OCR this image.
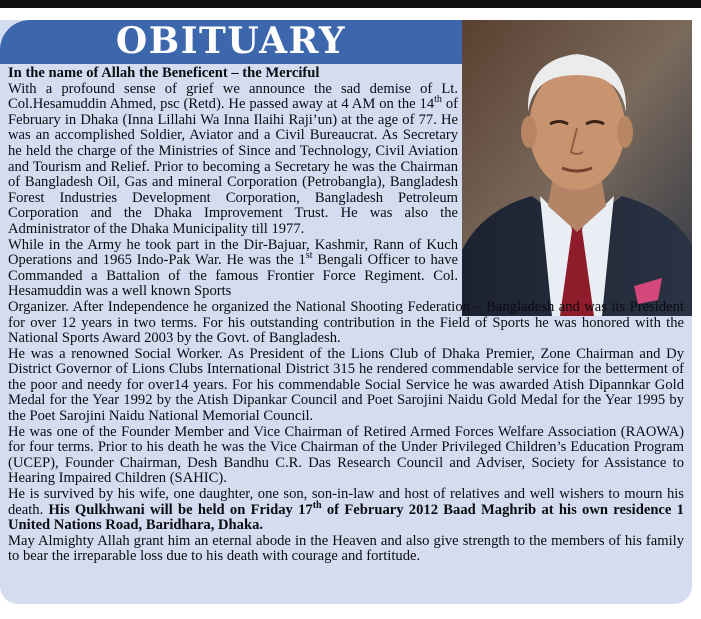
OBITUARY

In the name of Allah the Beneficent – the Merciful

With a profound sense of grief we announce the sad demise of Lt. Col.Hesamuddin Ahmed, psc (Retd). He passed away at 4 AM on the 14th of February in Dhaka (Inna Lillahi Wa Inna Ilaihi Raji’un) at the age of 77. He was an accomplished Soldier, Aviator and a Civil Bureaucrat. As Secretary he held the charge of the Ministries of Since and Technology, Civil Aviation and Tourism and Relief. Prior to becoming a Secretary he was the Chairman of Bangladesh Oil, Gas and mineral Corporation (Petrobangla), Bangladesh Forest Industries Development Corporation, Bangladesh Petroleum Corporation and the Dhaka Improvement Trust. He was also the Administrator of the Dhaka Municipality till 1977.

While in the Army he took part in the Dir-Bajuar, Kashmir, Rann of Kuch Operations and 1965 Indo-Pak War. He was the 1st Bengali Officer to have Commanded a Battalion of the famous Frontier Force Regiment. Col. Hesamuddin was a well known Sports

Organizer. After Independence he organized the National Shooting Federation – Bangladesh and was its President for over 12 years in two terms. For his outstanding contribution in the Field of Sports he was honored with the National Sports Award 2003 by the Govt. of Bangladesh.

He was a renowned Social Worker. As President of the Lions Club of Dhaka Premier, Zone Chairman and Dy District Governor of Lions Clubs International District 315 he rendered commendable service for the betterment of the poor and needy for over14 years. For his commendable Social Service he was awarded Atish Dipannkar Gold Medal for the Year 1992 by the Atish Dipankar Council and Poet Sarojini Naidu Gold Medal for the Year 1995 by the Poet Sarojini Naidu National Memorial Council.

He was one of the Founder Member and Vice Chairman of Retired Armed Forces Welfare Association (RAOWA) for four terms. Prior to his death he was the Vice Chairman of the Under Privileged Children’s Education Program (UCEP), Founder Chairman, Desh Bandhu C.R. Das Research Council and Adviser, Society for Assistance to Hearing Impaired Children (SAHIC).

He is survived by his wife, one daughter, one son, son-in-law and host of relatives and well wishers to mourn his death. His Qulkhwani will be held on Friday 17th of February 2012 Baad Maghrib at his own residence 1 United Nations Road, Baridhara, Dhaka.

May Almighty Allah grant him an eternal abode in the Heaven and also give strength to the members of his family to bear the irreparable loss due to his death with courage and fortitude.
